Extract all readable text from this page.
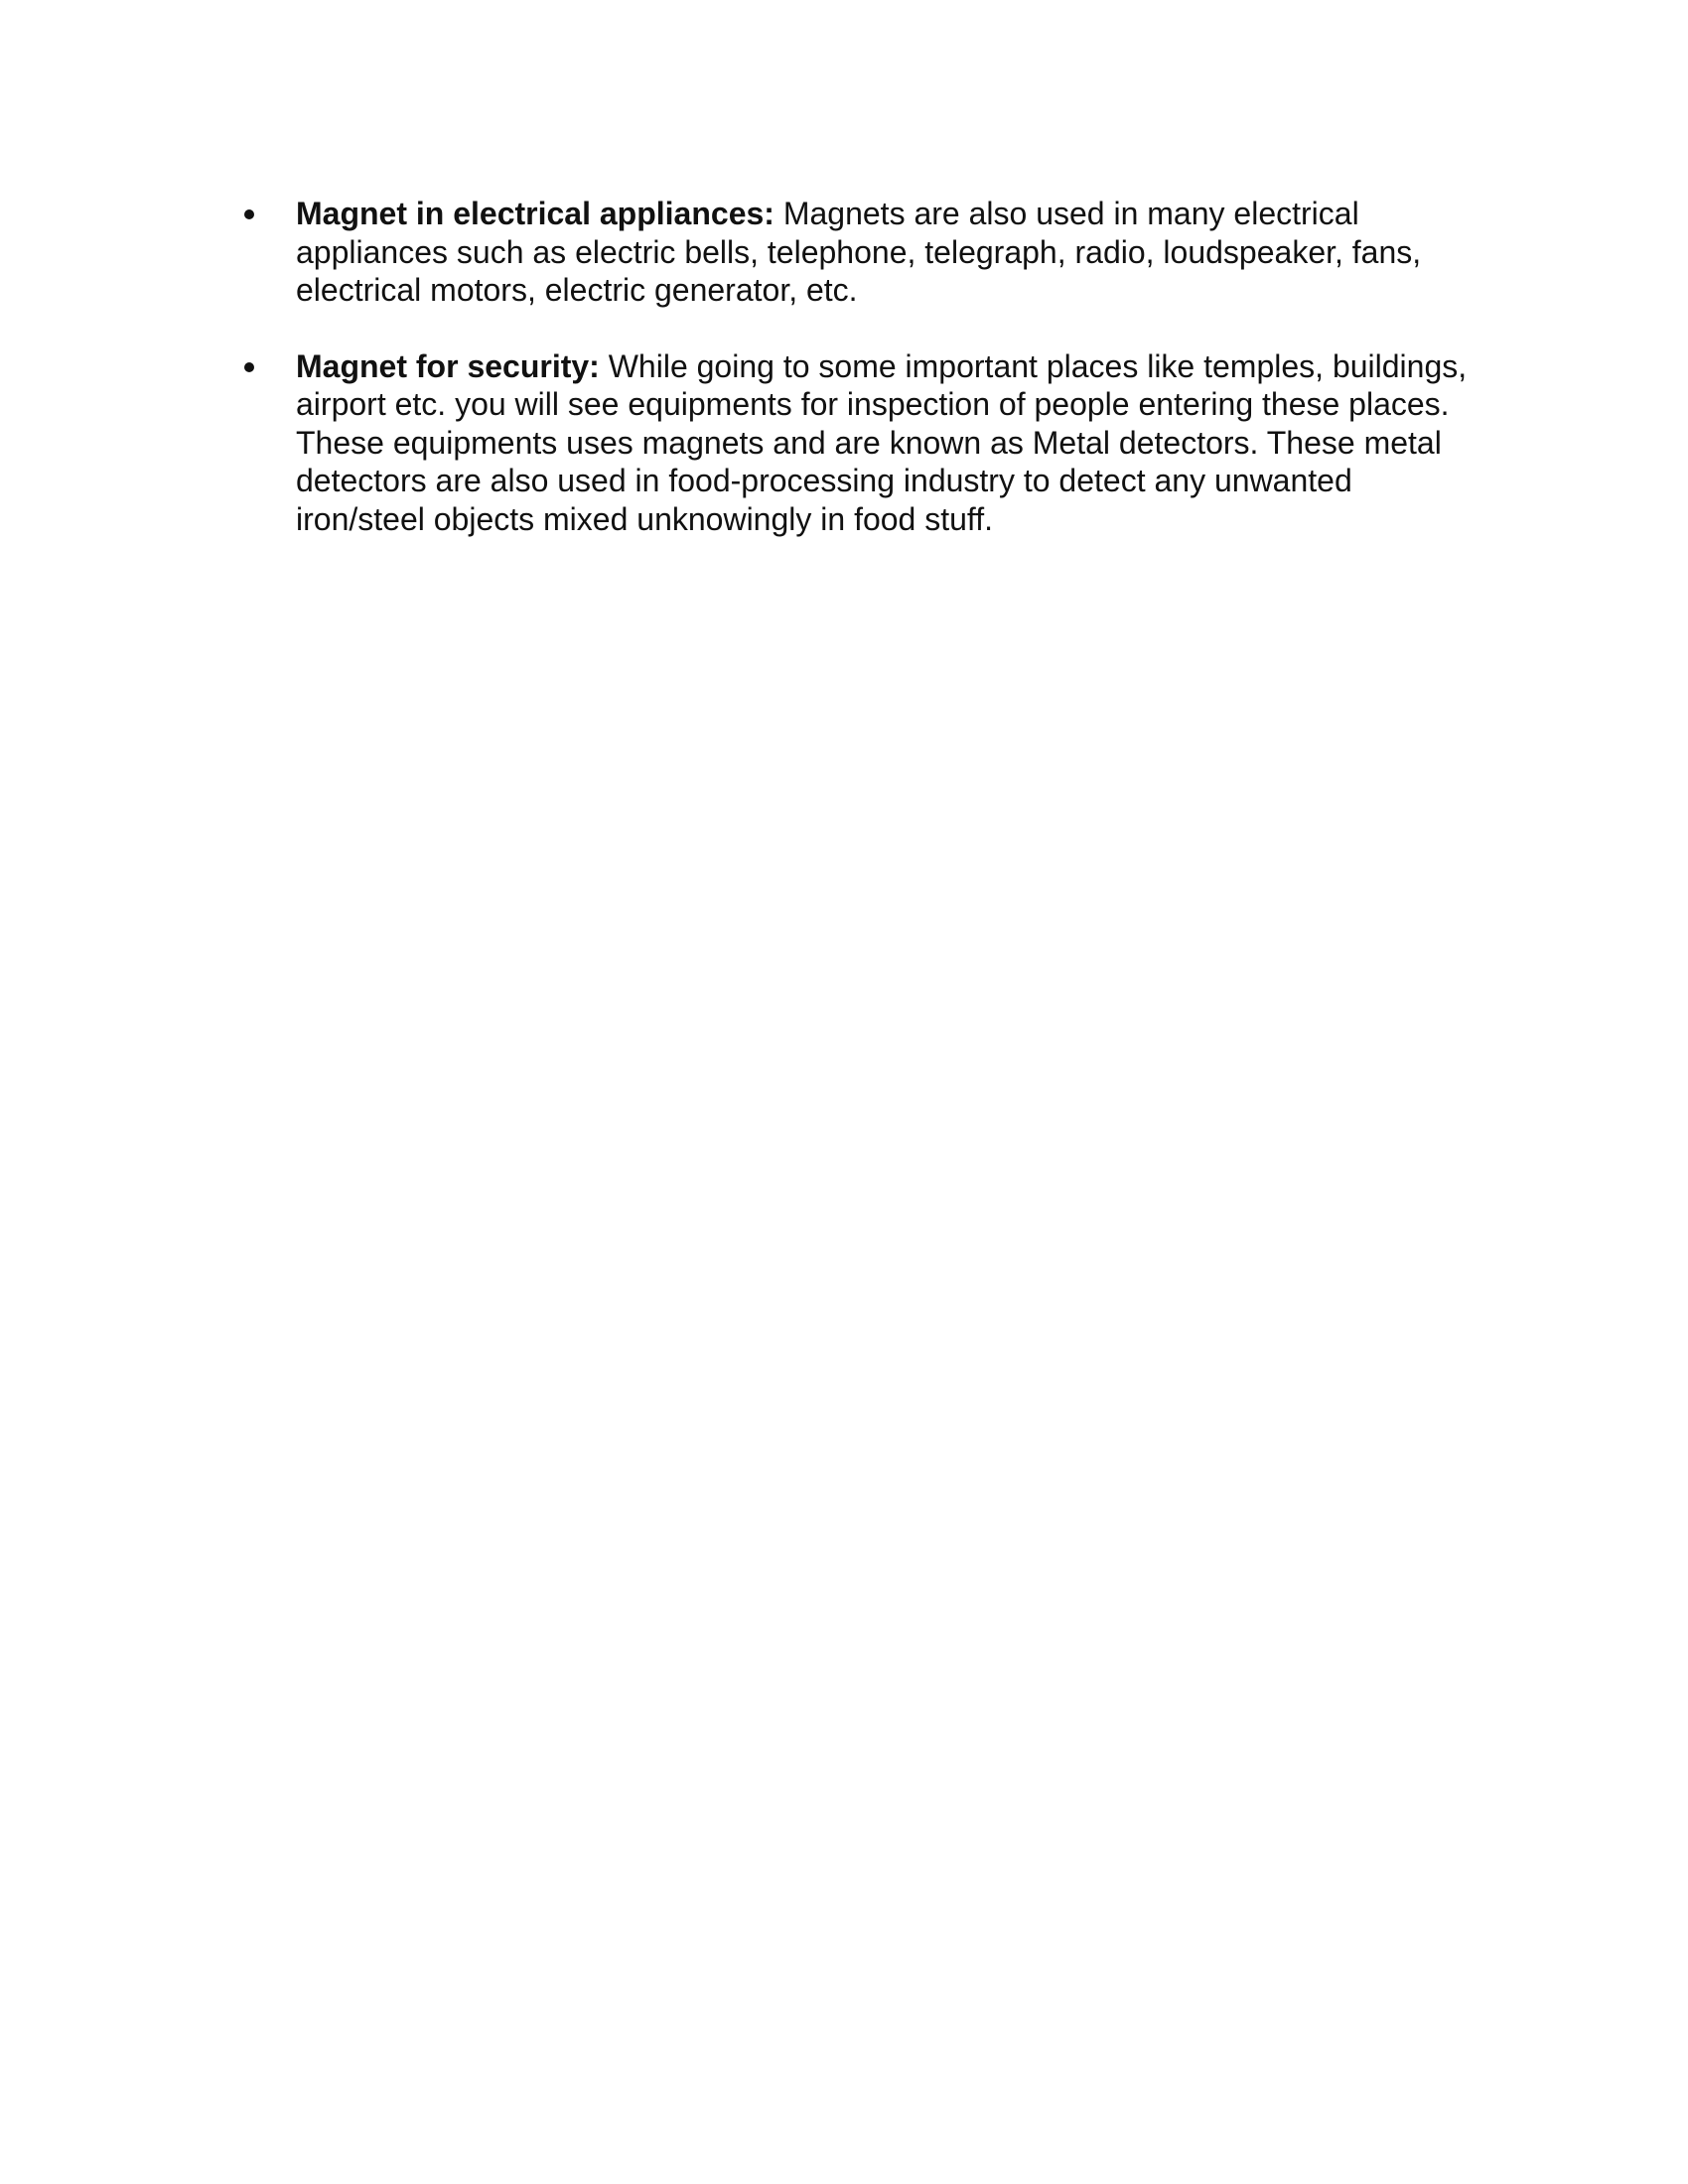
Magnet in electrical appliances: Magnets are also used in many electrical appliances such as electric bells, telephone, telegraph, radio, loudspeaker, fans, electrical motors, electric generator, etc.
Magnet for security: While going to some important places like temples, buildings, airport etc. you will see equipments for inspection of people entering these places. These equipments uses magnets and are known as Metal detectors. These metal detectors are also used in food-processing industry to detect any unwanted iron/steel objects mixed unknowingly in food stuff.
